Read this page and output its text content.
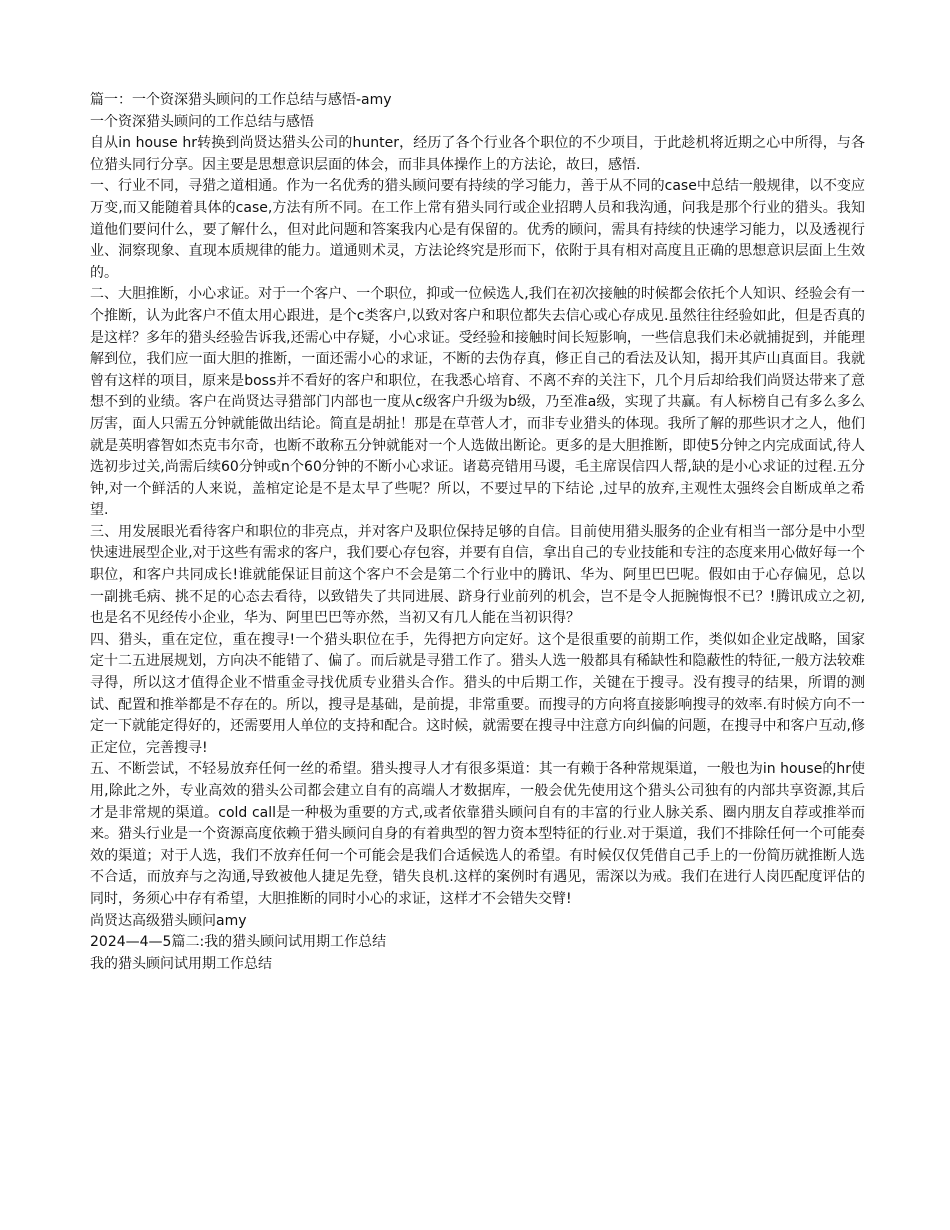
篇一：一个资深猎头顾问的工作总结与感悟-amy

一个资深猎头顾问的工作总结与感悟

自从in house hr转换到尚贤达猎头公司的hunter，经历了各个行业各个职位的不少项目，于此趁机将近期之心中所得，与各位猎头同行分享。因主要是思想意识层面的体会，而非具体操作上的方法论，故曰，感悟.

一、行业不同，寻猎之道相通。作为一名优秀的猎头顾问要有持续的学习能力，善于从不同的case中总结一般规律，以不变应万变,而又能随着具体的case,方法有所不同。在工作上常有猎头同行或企业招聘人员和我沟通，问我是那个行业的猎头。我知道他们要问什么，要了解什么，但对此问题和答案我内心是有保留的。优秀的顾问，需具有持续的快速学习能力，以及透视行业、洞察现象、直现本质规律的能力。道通则术灵，方法论终究是形而下，依附于具有相对高度且正确的思想意识层面上生效的。

二、大胆推断，小心求证。对于一个客户、一个职位，抑或一位候选人,我们在初次接触的时候都会依托个人知识、经验会有一个推断，认为此客户不值太用心跟进，是个c类客户,以致对客户和职位都失去信心或心存成见.虽然往往经验如此，但是否真的是这样？多年的猎头经验告诉我,还需心中存疑，小心求证。受经验和接触时间长短影响，一些信息我们未必就捕捉到，并能理解到位，我们应一面大胆的推断，一面还需小心的求证，不断的去伪存真，修正自己的看法及认知，揭开其庐山真面目。我就曾有这样的项目，原来是boss并不看好的客户和职位，在我悉心培育、不离不弃的关注下，几个月后却给我们尚贤达带来了意想不到的业绩。客户在尚贤达寻猎部门内部也一度从c级客户升级为b级，乃至准a级，实现了共赢。有人标榜自己有多么多么厉害，面人只需五分钟就能做出结论。简直是胡扯！那是在草菅人才，而非专业猎头的体现。我所了解的那些识才之人，他们就是英明睿智如杰克韦尔奇，也断不敢称五分钟就能对一个人选做出断论。更多的是大胆推断，即使5分钟之内完成面试,待人选初步过关,尚需后续60分钟或n个60分钟的不断小心求证。诸葛亮错用马谡，毛主席误信四人帮,缺的是小心求证的过程.五分钟,对一个鲜活的人来说，盖棺定论是不是太早了些呢？所以，不要过早的下结论 ,过早的放弃,主观性太强终会自断成单之希望.

三、用发展眼光看待客户和职位的非亮点，并对客户及职位保持足够的自信。目前使用猎头服务的企业有相当一部分是中小型快速进展型企业,对于这些有需求的客户，我们要心存包容，并要有自信，拿出自己的专业技能和专注的态度来用心做好每一个职位，和客户共同成长!谁就能保证目前这个客户不会是第二个行业中的腾讯、华为、阿里巴巴呢。假如由于心存偏见，总以一副挑毛病、挑不足的心态去看待，以致错失了共同进展、跻身行业前列的机会，岂不是令人扼腕悔恨不已？!腾讯成立之初,也是名不见经传小企业，华为、阿里巴巴等亦然，当初又有几人能在当初识得？

四、猎头，重在定位，重在搜寻!一个猎头职位在手，先得把方向定好。这个是很重要的前期工作，类似如企业定战略，国家定十二五进展规划，方向决不能错了、偏了。而后就是寻猎工作了。猎头人选一般都具有稀缺性和隐蔽性的特征,一般方法较难寻得，所以这才值得企业不惜重金寻找优质专业猎头合作。猎头的中后期工作，关键在于搜寻。没有搜寻的结果，所谓的测试、配置和推举都是不存在的。所以，搜寻是基础，是前提，非常重要。而搜寻的方向将直接影响搜寻的效率.有时候方向不一定一下就能定得好的，还需要用人单位的支持和配合。这时候，就需要在搜寻中注意方向纠偏的问题，在搜寻中和客户互动,修正定位，完善搜寻!

五、不断尝试，不轻易放弃任何一丝的希望。猎头搜寻人才有很多渠道：其一有赖于各种常规渠道，一般也为in house的hr使用,除此之外，专业高效的猎头公司都会建立自有的高端人才数据库，一般会优先使用这个猎头公司独有的内部共享资源,其后才是非常规的渠道。cold call是一种极为重要的方式,或者依靠猎头顾问自有的丰富的行业人脉关系、圈内朋友自荐或推举而来。猎头行业是一个资源高度依赖于猎头顾问自身的有着典型的智力资本型特征的行业.对于渠道，我们不排除任何一个可能奏效的渠道；对于人选，我们不放弃任何一个可能会是我们合适候选人的希望。有时候仅仅凭借自己手上的一份简历就推断人选不合适，而放弃与之沟通,导致被他人捷足先登，错失良机.这样的案例时有遇见，需深以为戒。我们在进行人岗匹配度评估的同时，务须心中存有希望，大胆推断的同时小心的求证，这样才不会错失交臂!

尚贤达高级猎头顾问amy

2024—4—5篇二:我的猎头顾问试用期工作总结

我的猎头顾问试用期工作总结
